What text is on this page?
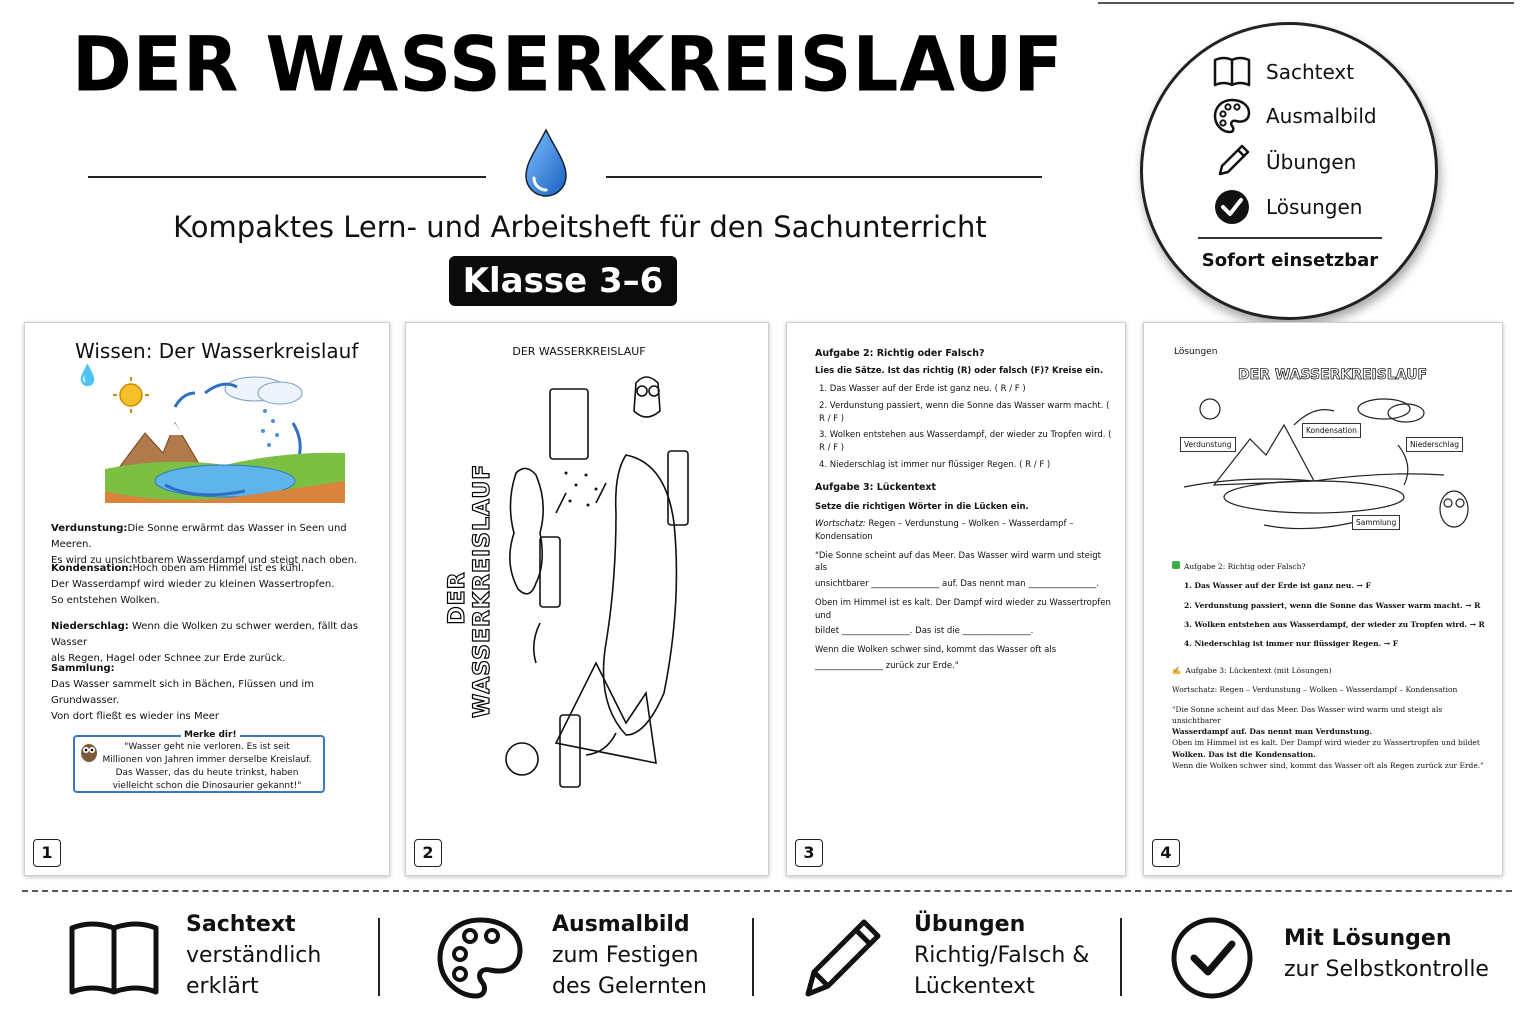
DER WASSERKREISLAUF
Kompaktes Lern- und Arbeitsheft für den Sachunterricht
Klasse 3–6
Sachtext
Ausmalbild
Übungen
Lösungen
Sofort einsetzbar
Wissen: Der Wasserkreislauf 💧
Verdunstung:Die Sonne erwärmt das Wasser in Seen und Meeren.
Es wird zu unsichtbarem Wasserdampf und steigt nach oben.
Kondensation:Hoch oben am Himmel ist es kühl.
Der Wasserdampf wird wieder zu kleinen Wassertropfen.
So entstehen Wolken.
Niederschlag: Wenn die Wolken zu schwer werden, fällt das Wasser
als Regen, Hagel oder Schnee zur Erde zurück.
Sammlung:
Das Wasser sammelt sich in Bächen, Flüssen und im Grundwasser.
Von dort fließt es wieder ins Meer
Merke dir!
"Wasser geht nie verloren. Es ist seit
Millionen von Jahren immer derselbe Kreislauf.
Das Wasser, das du heute trinkst, haben
vielleicht schon die Dinosaurier gekannt!"
1
DER WASSERKREISLAUF
DER WASSERKREISLAUF
2
Aufgabe 2: Richtig oder Falsch?
Lies die Sätze. Ist das richtig (R) oder falsch (F)? Kreise ein.
1. Das Wasser auf der Erde ist ganz neu. ( R / F )
2. Verdunstung passiert, wenn die Sonne das Wasser warm macht. ( R / F )
3. Wolken entstehen aus Wasserdampf, der wieder zu Tropfen wird. ( R / F )
4. Niederschlag ist immer nur flüssiger Regen. ( R / F )
Aufgabe 3: Lückentext
Setze die richtigen Wörter in die Lücken ein.
Wortschatz: Regen – Verdunstung – Wolken – Wasserdampf – Kondensation
"Die Sonne scheint auf das Meer. Das Wasser wird warm und steigt als
unsichtbarer ________________ auf. Das nennt man ________________.
Oben im Himmel ist es kalt. Der Dampf wird wieder zu Wassertropfen und
bildet ________________. Das ist die ________________.
Wenn die Wolken schwer sind, kommt das Wasser oft als
________________ zurück zur Erde."
3
Lösungen
DER WASSERKREISLAUF
Verdunstung
Kondensation
Niederschlag
Sammlung
Aufgabe 2: Richtig oder Falsch?
1. Das Wasser auf der Erde ist ganz neu. → F
2. Verdunstung passiert, wenn die Sonne das Wasser warm macht. → R
3. Wolken entstehen aus Wasserdampf, der wieder zu Tropfen wird. → R
4. Niederschlag ist immer nur flüssiger Regen. → F
✍ Aufgabe 3: Lückentext (mit Lösungen)
Wortschatz: Regen – Verdunstung – Wolken – Wasserdampf – Kondensation
"Die Sonne scheint auf das Meer. Das Wasser wird warm und steigt als unsichtbarer
Wasserdampf auf. Das nennt man Verdunstung.
Oben im Himmel ist es kalt. Der Dampf wird wieder zu Wassertropfen und bildet
Wolken. Das ist die Kondensation.
Wenn die Wolken schwer sind, kommt das Wasser oft als Regen zurück zur Erde."
4
Sachtext
verständlich
erklärt
Ausmalbild
zum Festigen
des Gelernten
Übungen
Richtig/Falsch &
Lückentext
Mit Lösungen
zur Selbstkontrolle
